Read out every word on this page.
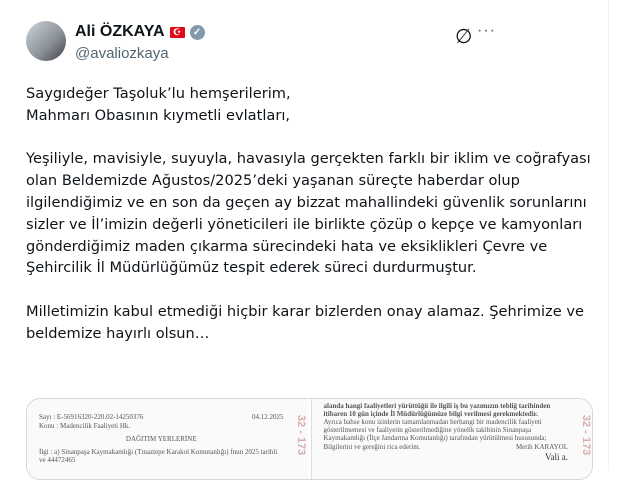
Ali ÖZKAYA ☪	✓
@avaliozkaya
∅ ···
Saygıdeğer Taşoluk’lu hemşerilerim,
Mahmarı Obasının kıymetli evlatları,

Yeşiliyle, mavisiyle, suyuyla, havasıyla gerçekten farklı bir iklim ve coğrafyası olan Beldemizde Ağustos/2025’deki yaşanan süreçte haberdar olup ilgilendiğimiz ve en son da geçen ay bizzat mahallindeki güvenlik sorunlarını sizler ve İl’imizin değerli yöneticileri ile birlikte çözüp o kepçe ve kamyonları gönderdiğimiz maden çıkarma sürecindeki hata ve eksiklikleri Çevre ve Şehircilik İl Müdürlüğümüz tespit ederek süreci durdurmuştur.

Milletimizin kabul etmediği hiçbir karar bizlerden onay alamaz. Şehrimize ve beldemize hayırlı olsun…
32 - 173

Sayı : E-56916320-220.02-14250376	04.12.2025

Konu : Madencilik Faaliyeti Hk.

DAĞITIM YERLERİNE

İlgi : a) Sinanpaşa Kaymakamlığı (Tınaztepe Karakol Komutanlığı) fnun 2025 tarihli ve 44472465

32 - 173

alanda hangi faaliyetleri yürüttüğü ile ilgili iş bu yazımızın tebliğ tarihinden itibaren 10 gün içinde İl Müdürlüğümüze bilgi verilmesi gerekmektedir.

Ayrıca bahse konu izinlerin tamamlanmadan herhangi bir madencilik faaliyeti gösterilmemesi ve faaliyetin gösterilmediğine yönelik takibinin Sinanpaşa Kaymakamlığı (İlçe Jandarma Komutanlığı) tarafından yürütülmesi hususunda;

Bilgilerini ve gereğini rica ederim.	Metih KARAYOL

Vali a.
